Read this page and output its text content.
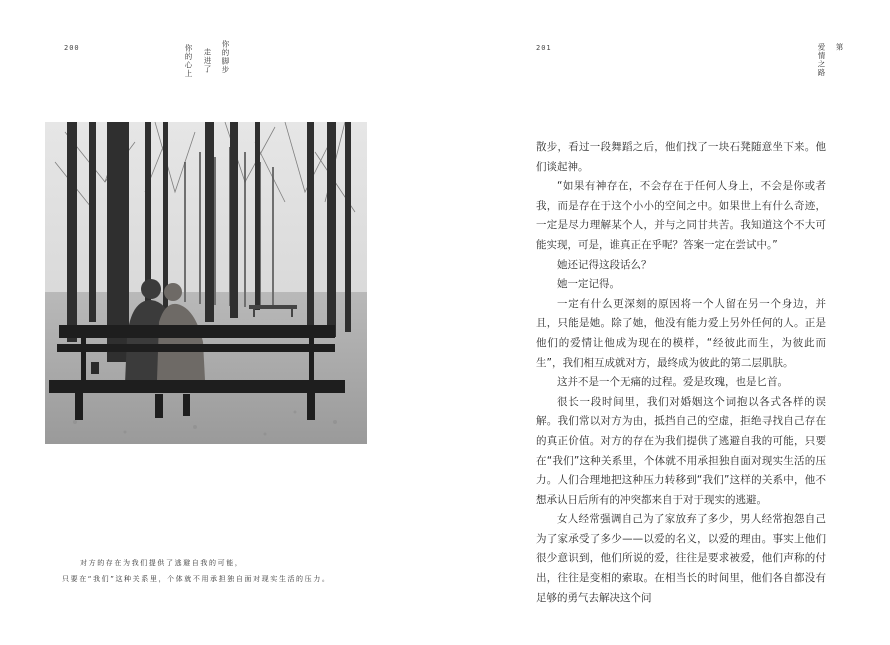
200	你的脚步
走进了
你的心上
对方的存在为我们提供了逃避自我的可能，
只要在“我们”这种关系里，个体就不用承担独自面对现实生活的压力。
201	爱情之路 第

散步，看过一段舞蹈之后，他们找了一块石凳随意坐下来。他们谈起神。

“如果有神存在，不会存在于任何人身上，不会是你或者我，而是存在于这个小小的空间之中。如果世上有什么奇迹，一定是尽力理解某个人，并与之同甘共苦。我知道这个不大可能实现，可是，谁真正在乎呢？答案一定在尝试中。”

她还记得这段话么？

她一定记得。

一定有什么更深刻的原因将一个人留在另一个身边，并且，只能是她。除了她，他没有能力爱上另外任何的人。正是他们的爱情让他成为现在的模样，“经彼此而生，为彼此而生”，我们相互成就对方，最终成为彼此的第二层肌肤。

这并不是一个无痛的过程。爱是玫瑰，也是匕首。

很长一段时间里，我们对婚姻这个词抱以各式各样的误解。我们常以对方为由，抵挡自己的空虚，拒绝寻找自己存在的真正价值。对方的存在为我们提供了逃避自我的可能，只要在“我们”这种关系里，个体就不用承担独自面对现实生活的压力。人们合理地把这种压力转移到“我们”这样的关系中，他不想承认日后所有的冲突都来自于对于现实的逃避。

女人经常强调自己为了家放弃了多少，男人经常抱怨自己为了家承受了多少——以爱的名义，以爱的理由。事实上他们很少意识到，他们所说的爱，往往是要求被爱，他们声称的付出，往往是变相的索取。在相当长的时间里，他们各自都没有足够的勇气去解决这个问
